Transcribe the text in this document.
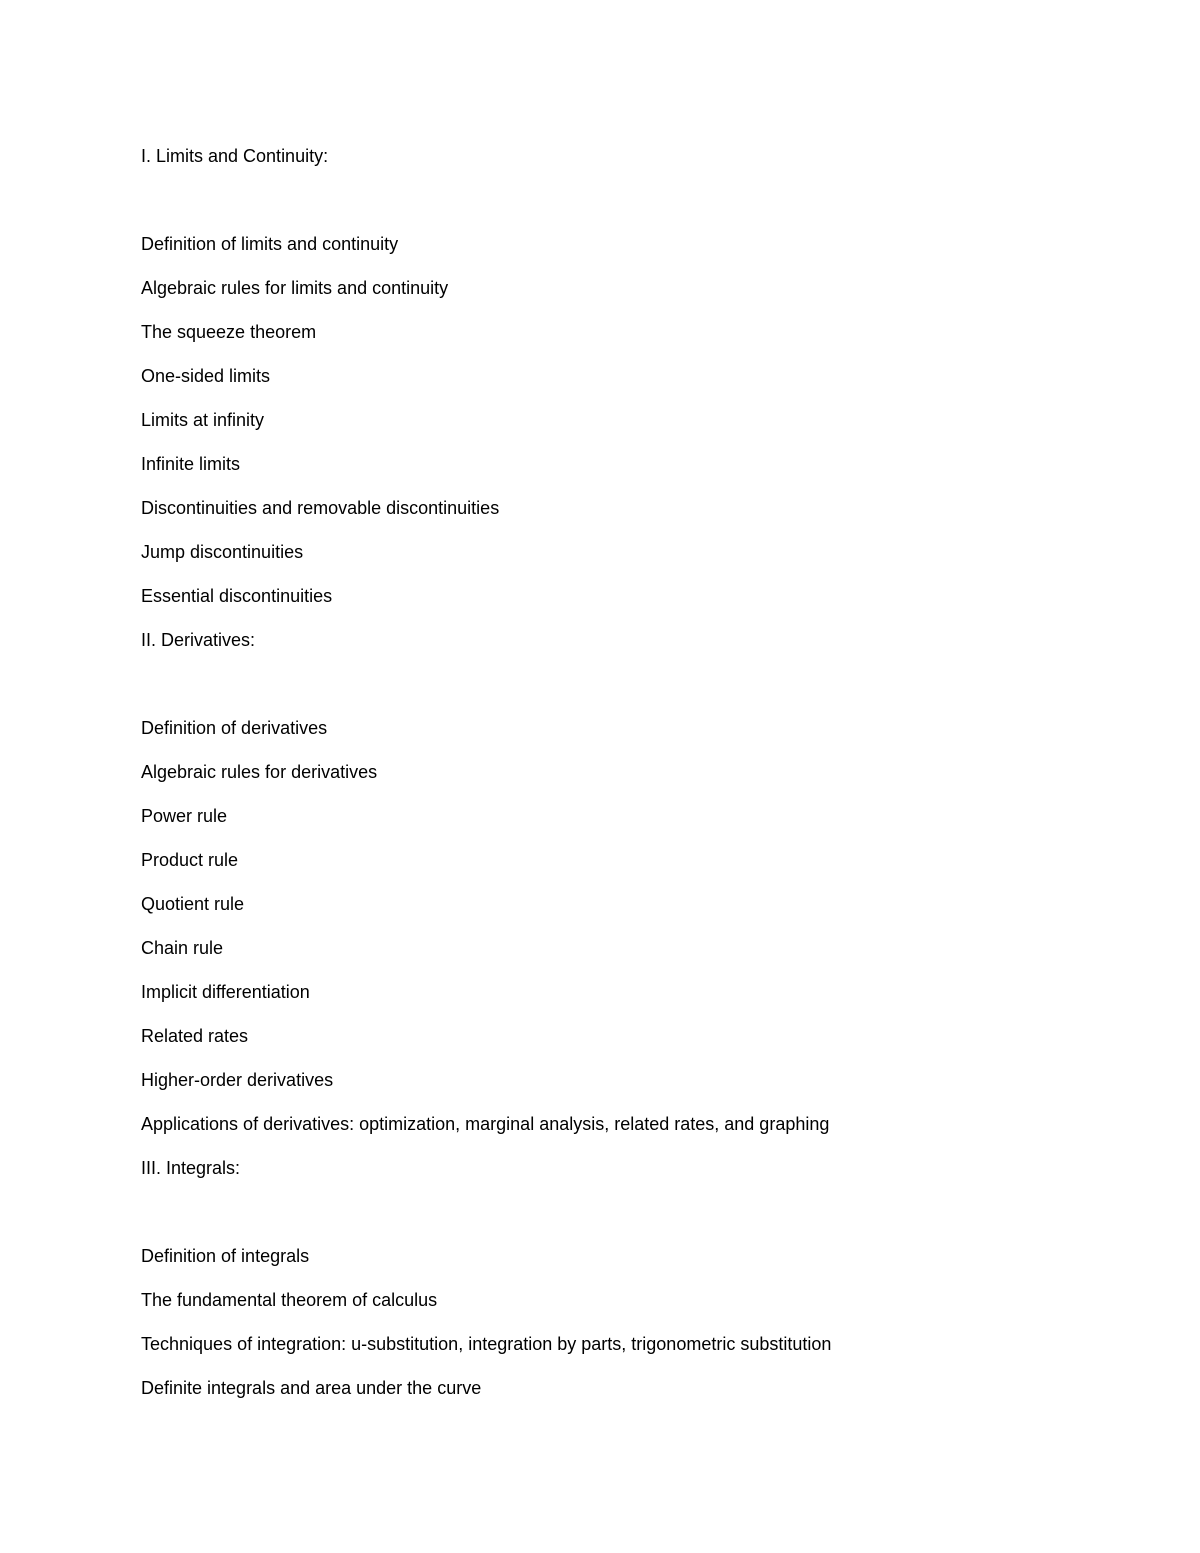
I. Limits and Continuity:
Definition of limits and continuity
Algebraic rules for limits and continuity
The squeeze theorem
One-sided limits
Limits at infinity
Infinite limits
Discontinuities and removable discontinuities
Jump discontinuities
Essential discontinuities
II. Derivatives:
Definition of derivatives
Algebraic rules for derivatives
Power rule
Product rule
Quotient rule
Chain rule
Implicit differentiation
Related rates
Higher-order derivatives
Applications of derivatives: optimization, marginal analysis, related rates, and graphing
III. Integrals:
Definition of integrals
The fundamental theorem of calculus
Techniques of integration: u-substitution, integration by parts, trigonometric substitution
Definite integrals and area under the curve
